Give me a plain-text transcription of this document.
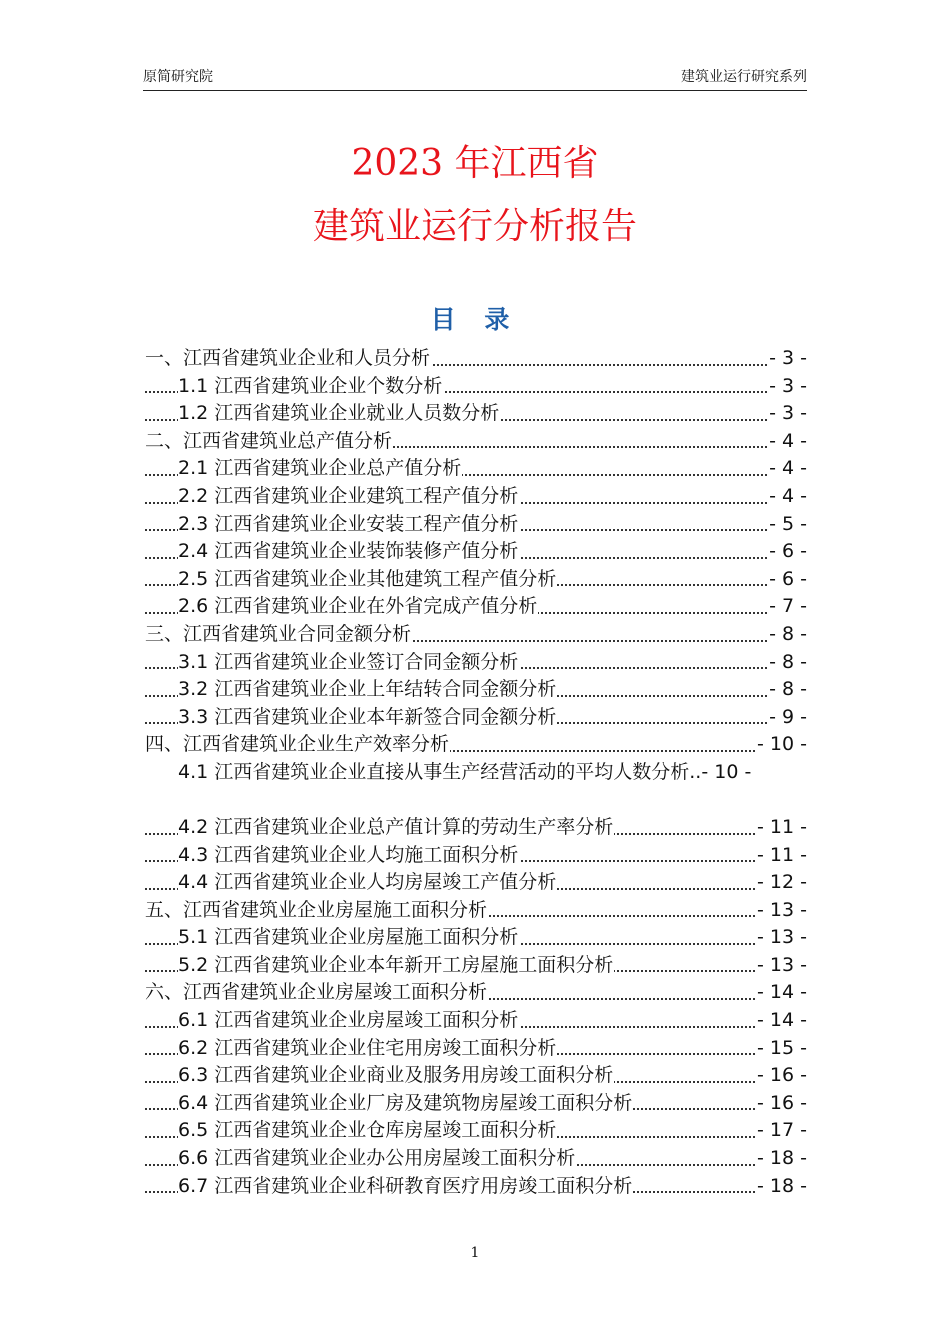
原简研究院	建筑业运行研究系列
2023 年江西省
建筑业运行分析报告
目 录
一、江西省建筑业企业和人员分析	- 3 -
1.1 江西省建筑业企业个数分析	- 3 -
1.2 江西省建筑业企业就业人员数分析	- 3 -
二、江西省建筑业总产值分析	- 4 -
2.1 江西省建筑业企业总产值分析	- 4 -
2.2 江西省建筑业企业建筑工程产值分析	- 4 -
2.3 江西省建筑业企业安装工程产值分析	- 5 -
2.4 江西省建筑业企业装饰装修产值分析	- 6 -
2.5 江西省建筑业企业其他建筑工程产值分析	- 6 -
2.6 江西省建筑业企业在外省完成产值分析	- 7 -
三、江西省建筑业合同金额分析	- 8 -
3.1 江西省建筑业企业签订合同金额分析	- 8 -
3.2 江西省建筑业企业上年结转合同金额分析	- 8 -
3.3 江西省建筑业企业本年新签合同金额分析	- 9 -
四、江西省建筑业企业生产效率分析	- 10 -
4.1 江西省建筑业企业直接从事生产经营活动的平均人数分析..- 10 -
4.2 江西省建筑业企业总产值计算的劳动生产率分析	- 11 -
4.3 江西省建筑业企业人均施工面积分析	- 11 -
4.4 江西省建筑业企业人均房屋竣工产值分析	- 12 -
五、江西省建筑业企业房屋施工面积分析	- 13 -
5.1 江西省建筑业企业房屋施工面积分析	- 13 -
5.2 江西省建筑业企业本年新开工房屋施工面积分析	- 13 -
六、江西省建筑业企业房屋竣工面积分析	- 14 -
6.1 江西省建筑业企业房屋竣工面积分析	- 14 -
6.2 江西省建筑业企业住宅用房竣工面积分析	- 15 -
6.3 江西省建筑业企业商业及服务用房竣工面积分析	- 16 -
6.4 江西省建筑业企业厂房及建筑物房屋竣工面积分析	- 16 -
6.5 江西省建筑业企业仓库房屋竣工面积分析	- 17 -
6.6 江西省建筑业企业办公用房屋竣工面积分析	- 18 -
6.7 江西省建筑业企业科研教育医疗用房竣工面积分析	- 18 -
1
